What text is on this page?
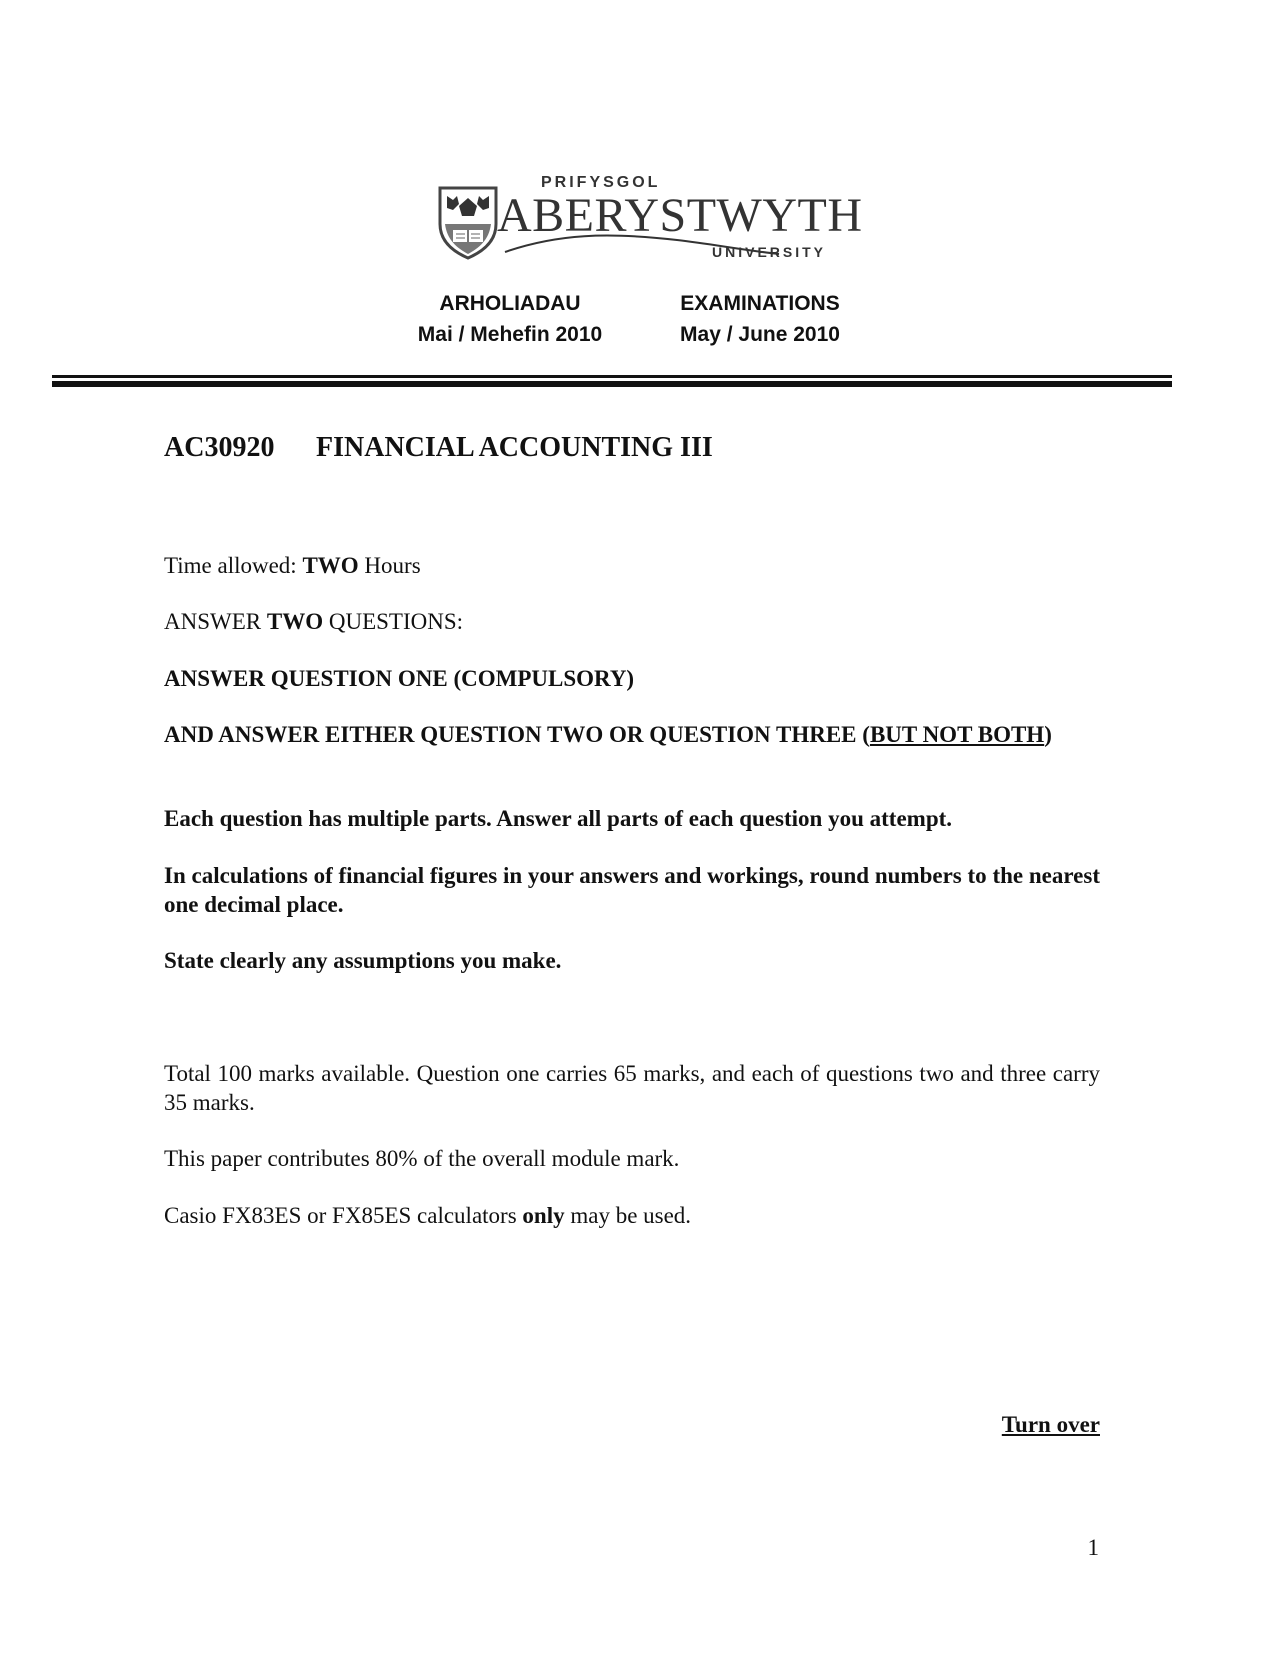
PRIFYSGOL
ABERYSTWYTH
UNIVERSITY
ARHOLIADAU
Mai / Mehefin 2010
EXAMINATIONS
May / June 2010
AC30920 FINANCIAL ACCOUNTING III

Time allowed: TWO Hours

ANSWER TWO QUESTIONS:

ANSWER QUESTION ONE (COMPULSORY)

AND ANSWER EITHER QUESTION TWO OR QUESTION THREE (BUT NOT BOTH)

Each question has multiple parts. Answer all parts of each question you attempt.

In calculations of financial figures in your answers and workings, round numbers to the nearest one decimal place.

State clearly any assumptions you make.

Total 100 marks available. Question one carries 65 marks, and each of questions two and three carry 35 marks.

This paper contributes 80% of the overall module mark.

Casio FX83ES or FX85ES calculators only may be used.

Turn over
1
